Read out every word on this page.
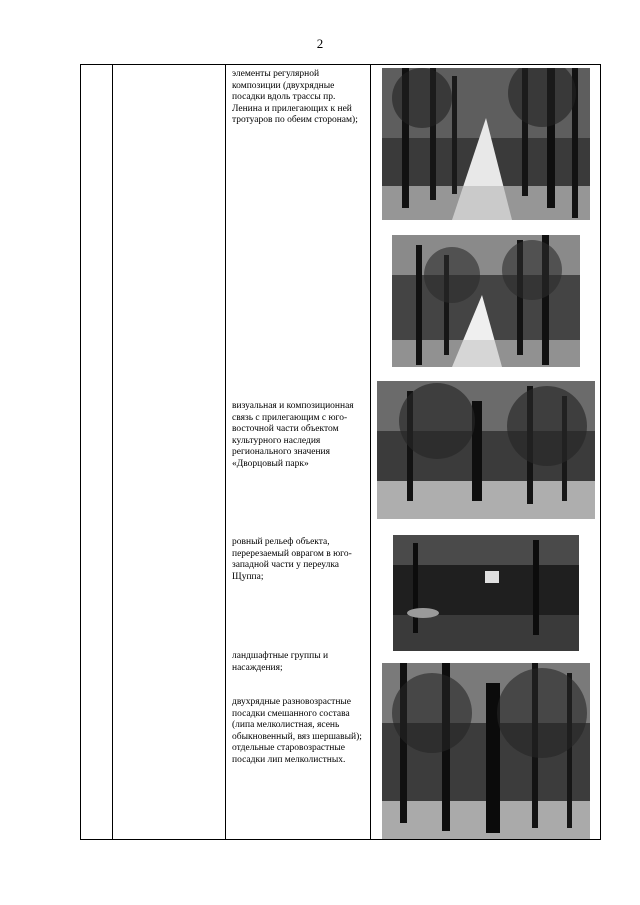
2

элементы регулярной композиции (двухрядные посадки вдоль трассы пр. Ленина и прилегающих к ней тротуаров по обеим сторонам);
визуальная и композиционная связь с прилегающим с юго-восточной части объектом культурного наследия регионального значения «Дворцовый парк»
ровный рельеф объекта, перерезаемый оврагом в юго-западной части у переулка Щуппа;
ландшафтные группы и насаждения;
двухрядные разновозрастные посадки смешанного состава (липа мелколистная, ясень обыкновенный, вяз шершавый); отдельные старовозрастные посадки лип мелколистных.
